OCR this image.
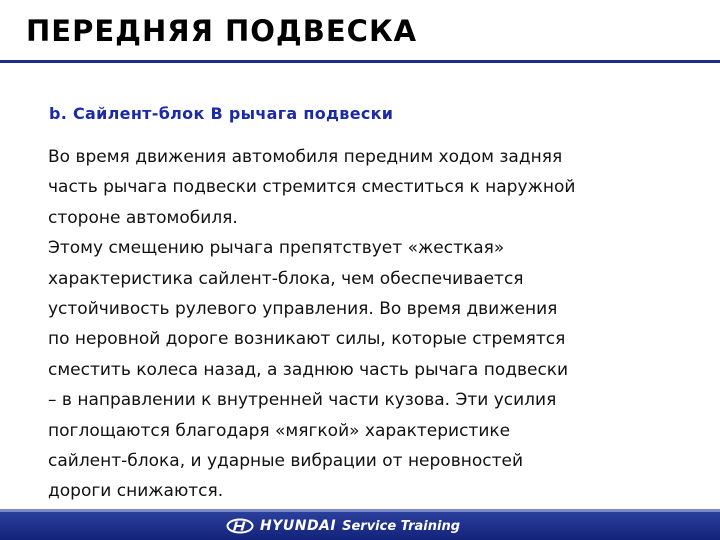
ПЕРЕДНЯЯ ПОДВЕСКА
b. Сайлент-блок В рычага подвески
Во время движения автомобиля передним ходом задняя
часть рычага подвески стремится сместиться к наружной
стороне автомобиля.
Этому смещению рычага препятствует «жесткая»
характеристика сайлент-блока, чем обеспечивается
устойчивость рулевого управления. Во время движения
по неровной дороге возникают силы, которые стремятся
сместить колеса назад, а заднюю часть рычага подвески
– в направлении к внутренней части кузова. Эти усилия
поглощаются благодаря «мягкой» характеристике
сайлент-блока, и ударные вибрации от неровностей
дороги снижаются.
HYUNDAI Service Training
